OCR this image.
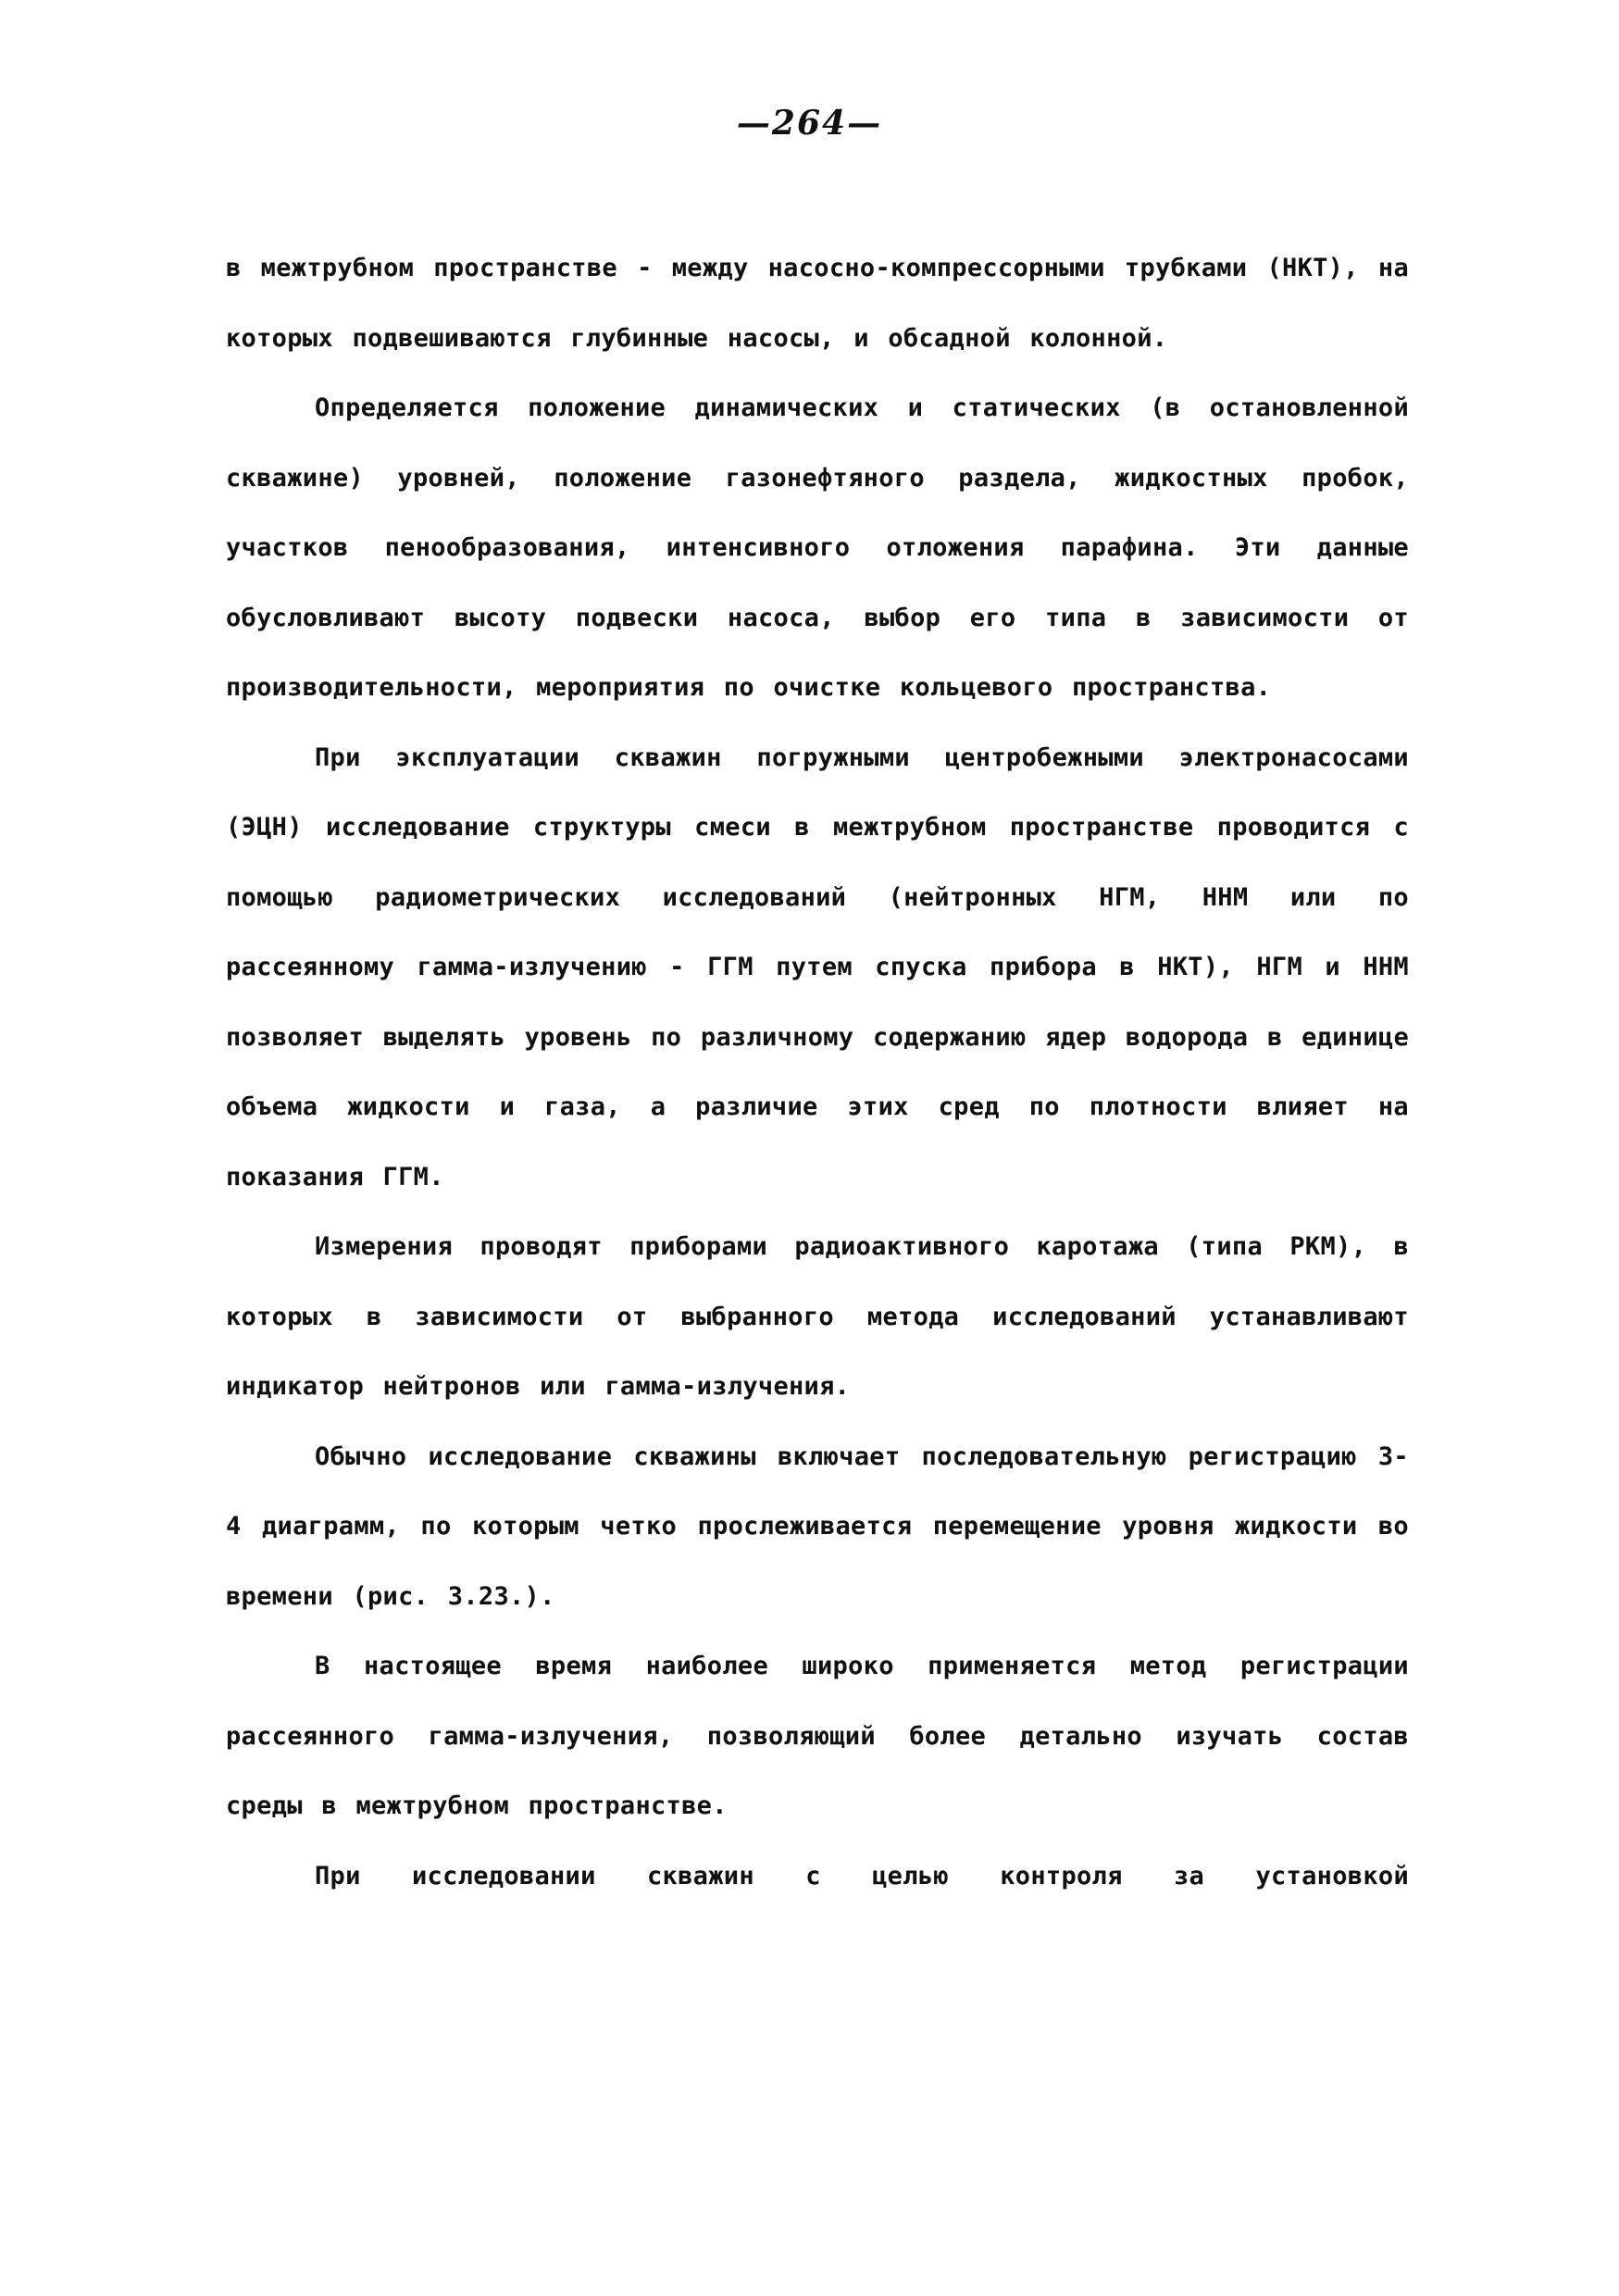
—264—

в межтрубном пространстве - между насосно-компрессорными трубками (НКТ), на которых подвешиваются глубинные насосы, и обсадной колонной.

Определяется положение динамических и статических (в остановленной скважине) уровней, положение газонефтяного раздела, жидкостных пробок, участков пенообразования, интенсивного отложения парафина. Эти данные обусловливают высоту подвески насоса, выбор его типа в зависимости от производительности, мероприятия по очистке кольцевого пространства.

При эксплуатации скважин погружными центробежными электронасосами (ЭЦН) исследование структуры смеси в межтрубном пространстве проводится с помощью радиометрических исследований (нейтронных НГМ, ННМ или по рассеянному гамма-излучению - ГГМ путем спуска прибора в НКТ), НГМ и ННМ позволяет выделять уровень по различному содержанию ядер водорода в единице объема жидкости и газа, а различие этих сред по плотности влияет на показания ГГМ.

Измерения проводят приборами радиоактивного каротажа (типа РКМ), в которых в зависимости от выбранного метода исследований устанавливают индикатор нейтронов или гамма-излучения.

Обычно исследование скважины включает последовательную регистрацию 3-4 диаграмм, по которым четко прослеживается перемещение уровня жидкости во времени (рис. 3.23.).

В настоящее время наиболее широко применяется метод регистрации рассеянного гамма-излучения, позволяющий более детально изучать состав среды в межтрубном пространстве.

При исследовании скважин с целью контроля за установкой
